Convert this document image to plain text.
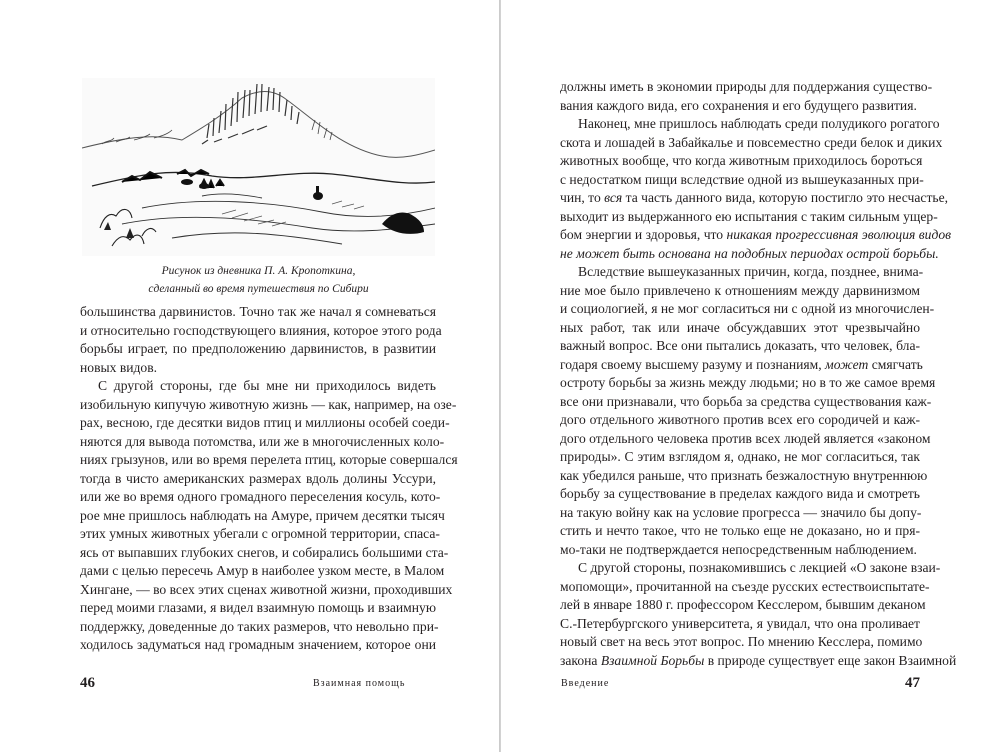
Рисунок из дневника П. А. Кропоткина,
сделанный во время путешествия по Сибири
большинства дарвинистов. Точно так же начал я сомневаться
и относительно господствующего влияния, которое этого рода
борьбы играет, по предположению дарвинистов, в развитии
новых видов.
С другой стороны, где бы мне ни приходилось видеть
изобильную кипучую животную жизнь — как, например, на озе-
рах, весною, где десятки видов птиц и миллионы особей соеди-
няются для вывода потомства, или же в многочисленных коло-
ниях грызунов, или во время перелета птиц, которые совершался
тогда в чисто американских размерах вдоль долины Уссури,
или же во время одного громадного переселения косуль, кото-
рое мне пришлось наблюдать на Амуре, причем десятки тысяч
этих умных животных убегали с огромной территории, спаса-
ясь от выпавших глубоких снегов, и собирались большими ста-
дами с целью пересечь Амур в наиболее узком месте, в Малом
Хингане, — во всех этих сценах животной жизни, проходивших
перед моими глазами, я видел взаимную помощь и взаимную
поддержку, доведенные до таких размеров, что невольно при-
ходилось задуматься над громадным значением, которое они
46	Взаимная помощь
должны иметь в экономии природы для поддержания существо-
вания каждого вида, его сохранения и его будущего развития.
Наконец, мне пришлось наблюдать среди полудикого рогатого
скота и лошадей в Забайкалье и повсеместно среди белок и диких
животных вообще, что когда животным приходилось бороться
с недостатком пищи вследствие одной из вышеуказанных при-
чин, то вся та часть данного вида, которую постигло это несчастье,
выходит из выдержанного ею испытания с таким сильным ущер-
бом энергии и здоровья, что никакая прогрессивная эволюция видов
не может быть основана на подобных периодах острой борьбы.
Вследствие вышеуказанных причин, когда, позднее, внима-
ние мое было привлечено к отношениям между дарвинизмом
и социологией, я не мог согласиться ни с одной из многочислен-
ных работ, так или иначе обсуждавших этот чрезвычайно
важный вопрос. Все они пытались доказать, что человек, бла-
годаря своему высшему разуму и познаниям, может смягчать
остроту борьбы за жизнь между людьми; но в то же самое время
все они признавали, что борьба за средства существования каж-
дого отдельного животного против всех его сородичей и каж-
дого отдельного человека против всех людей является «законом
природы». С этим взглядом я, однако, не мог согласиться, так
как убедился раньше, что признать безжалостную внутреннюю
борьбу за существование в пределах каждого вида и смотреть
на такую войну как на условие прогресса — значило бы допу-
стить и нечто такое, что не только еще не доказано, но и пря-
мо-таки не подтверждается непосредственным наблюдением.
С другой стороны, познакомившись с лекцией «О законе взаи-
мопомощи», прочитанной на съезде русских естествоиспытате-
лей в январе 1880 г. профессором Кесслером, бывшим деканом
С.-Петербургского университета, я увидал, что она проливает
новый свет на весь этот вопрос. По мнению Кесслера, помимо
закона Взаимной Борьбы в природе существует еще закон Взаимной
Введение	47
